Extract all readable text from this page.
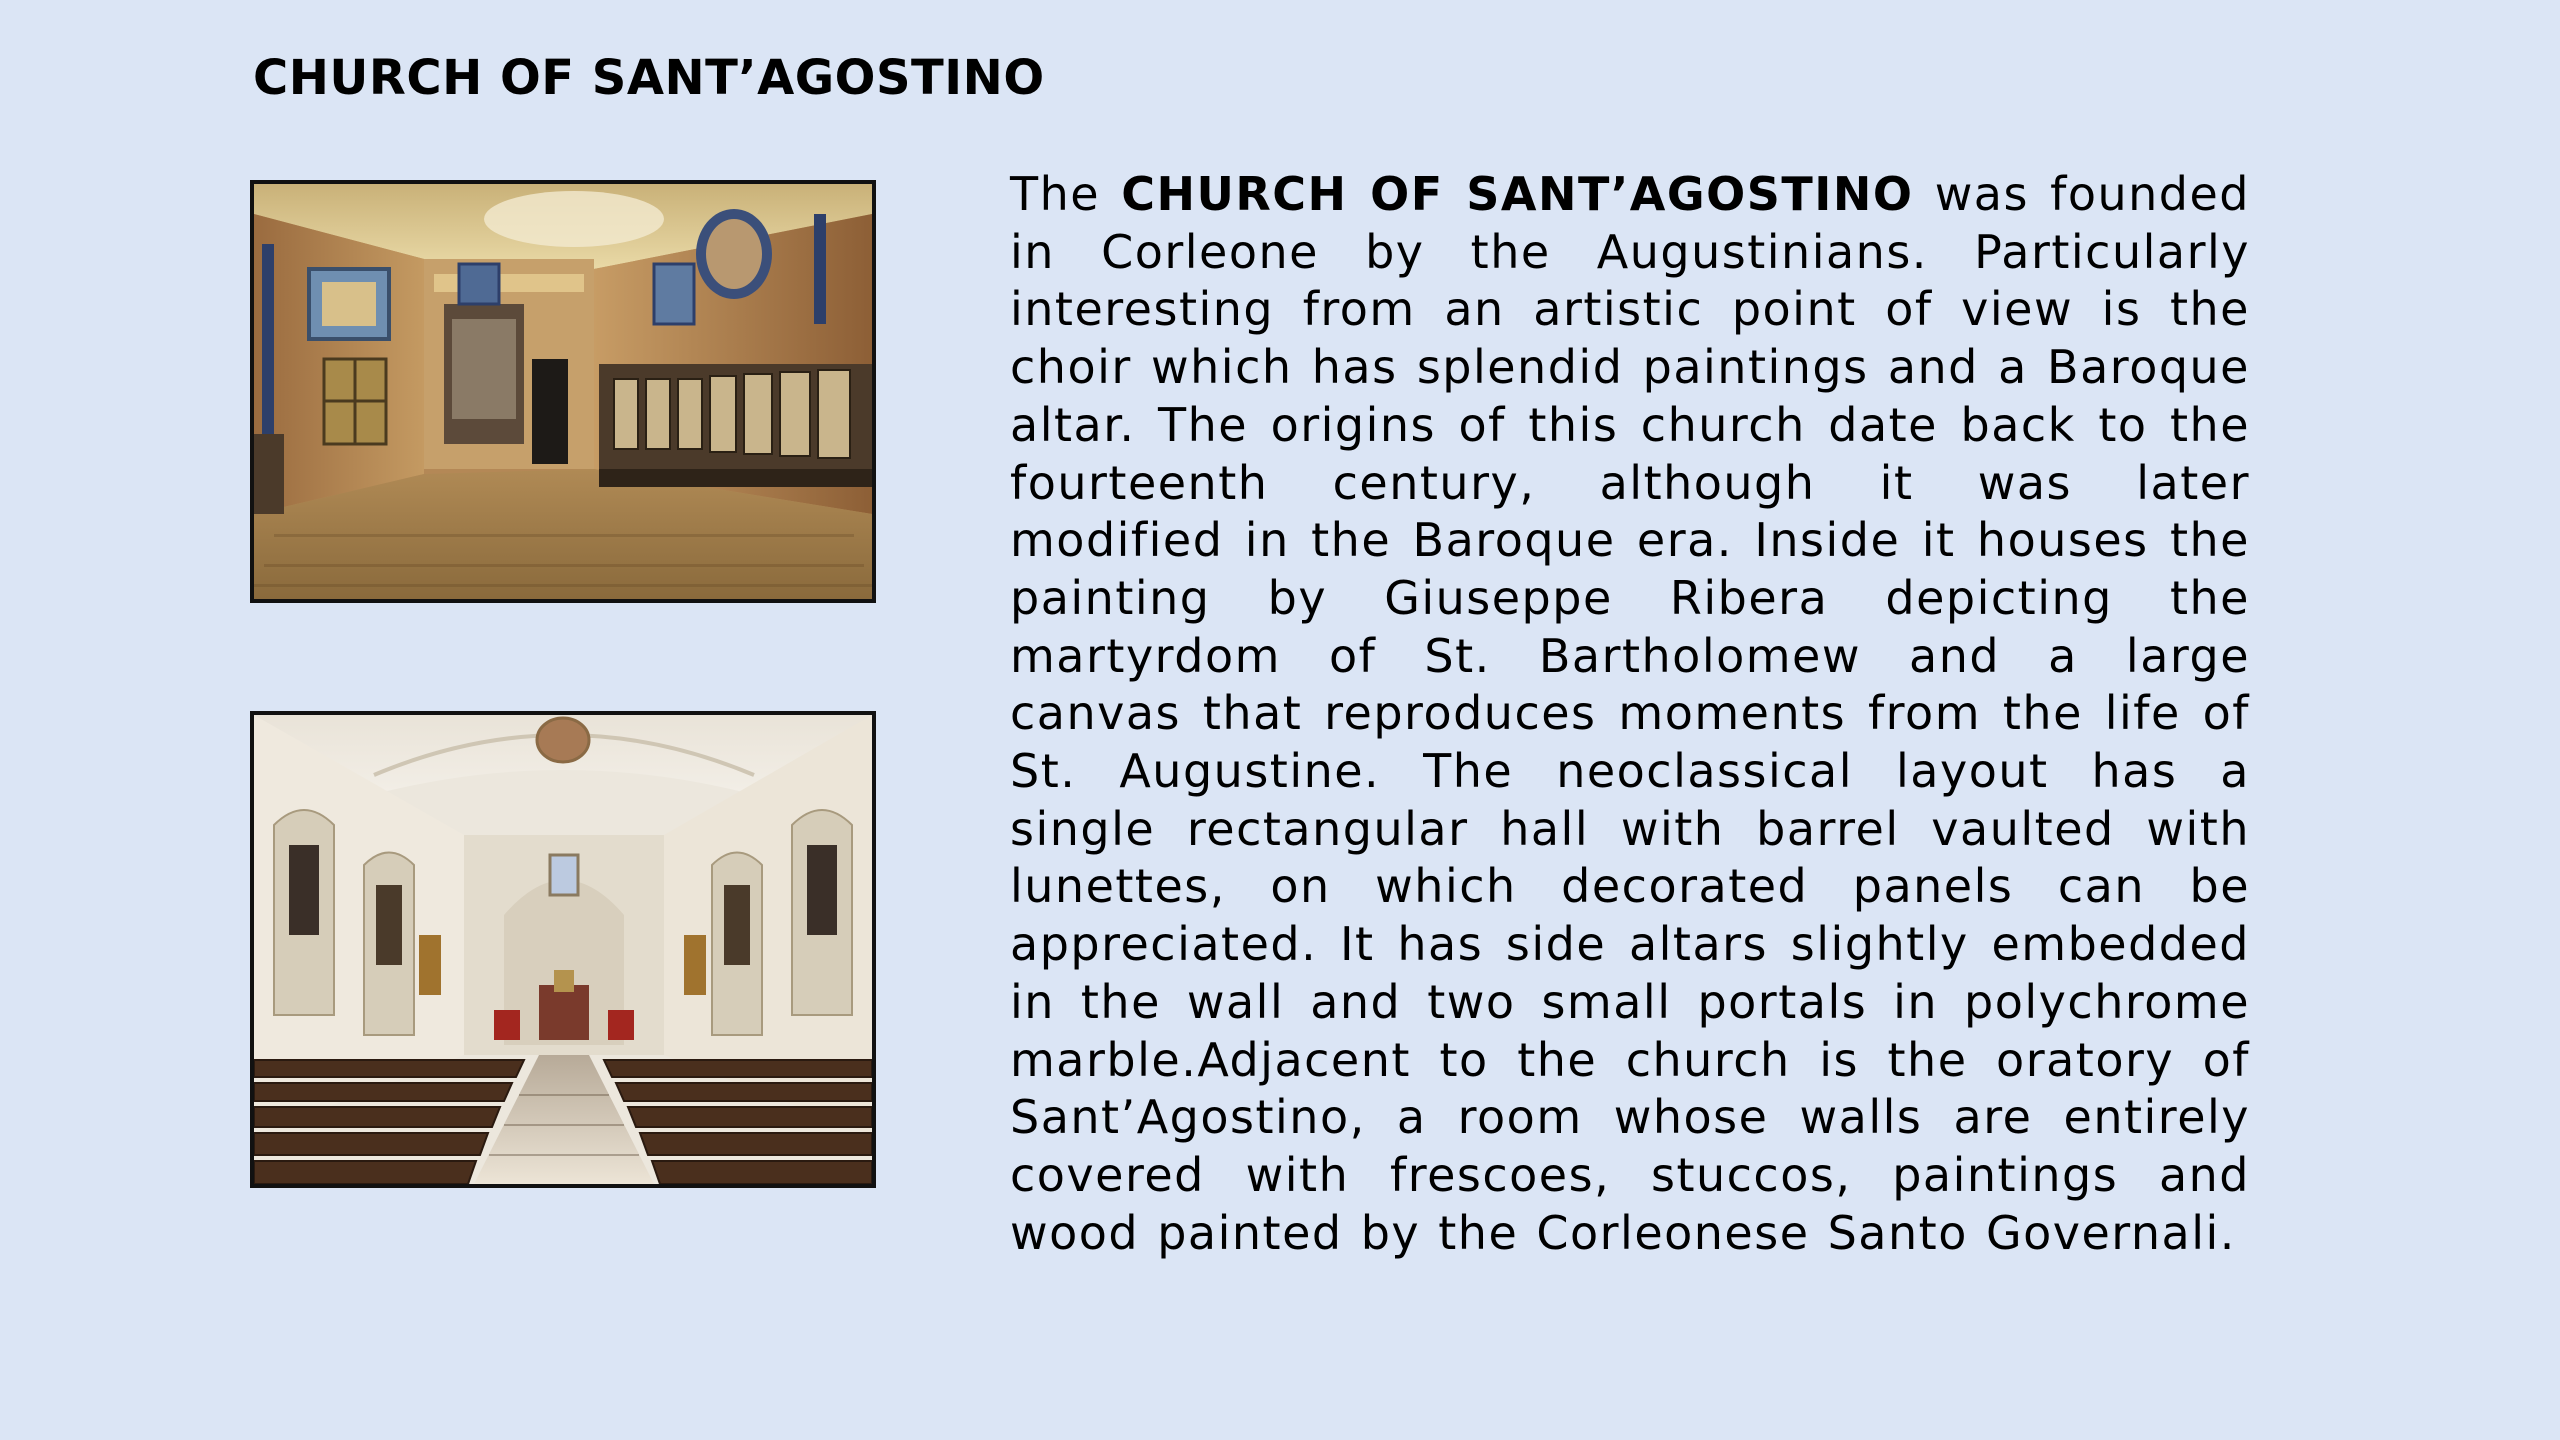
CHURCH OF SANT’AGOSTINO

The CHURCH OF SANT’AGOSTINO was founded in Corleone by the Augustinians. Particularly interesting from an artistic point of view is the choir which has splendid paintings and a Baroque altar. The origins of this church date back to the fourteenth century, although it was later modified in the Baroque era. Inside it houses the painting by Giuseppe Ribera depicting the martyrdom of St. Bartholomew and a large canvas that reproduces moments from the life of St. Augustine. The neoclassical layout has a single rectangular hall with barrel vaulted with lunettes, on which decorated panels can be appreciated. It has side altars slightly embedded in the wall and two small portals in polychrome marble.Adjacent to the church is the oratory of Sant’Agostino, a room whose walls are entirely covered with frescoes, stuccos, paintings and wood painted by the Corleonese Santo Governali.
